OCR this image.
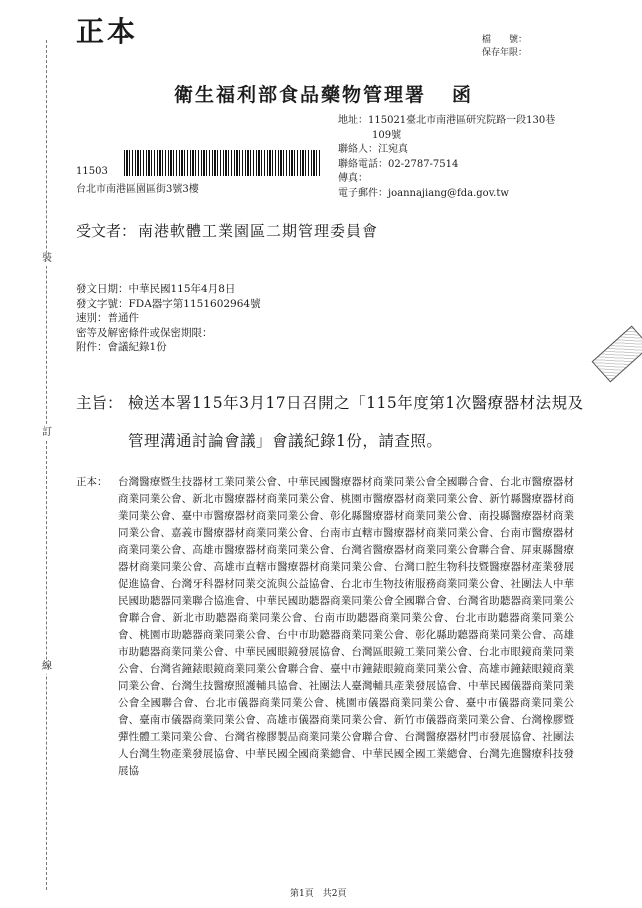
裝
訂
線
正本	檔　　號：
保存年限：
衛生福利部食品藥物管理署 函
地址：115021臺北市南港區研究院路一段130巷
109號
聯絡人：江宛真
聯絡電話：02-2787-7514
傳真：
電子郵件：joannajiang@fda.gov.tw
11503
台北市南港區園區街3號3樓
受文者： 南港軟體工業園區二期管理委員會
發文日期：中華民國115年4月8日
發文字號：FDA器字第1151602964號
速別：普通件
密等及解密條件或保密期限：
附件：會議紀錄1份
主旨： 檢送本署115年3月17日召開之「115年度第1次醫療器材法規及管理溝通討論會議」會議紀錄1份，請查照。
正本： 台灣醫療暨生技器材工業同業公會、中華民國醫療器材商業同業公會全國聯合會、台北市醫療器材商業同業公會、新北市醫療器材商業同業公會、桃園市醫療器材商業同業公會、新竹縣醫療器材商業同業公會、臺中市醫療器材商業同業公會、彰化縣醫療器材商業同業公會、南投縣醫療器材商業同業公會、嘉義市醫療器材商業同業公會、台南市直轄市醫療器材商業同業公會、台南市醫療器材商業同業公會、高雄市醫療器材商業同業公會、台灣省醫療器材商業同業公會聯合會、屏東縣醫療器材商業同業公會、高雄市直轄市醫療器材商業同業公會、台灣口腔生物科技暨醫療器材產業發展促進協會、台灣牙科器材同業交流與公益協會、台北市生物技術服務商業同業公會、社團法人中華民國助聽器同業聯合協進會、中華民國助聽器商業同業公會全國聯合會、台灣省助聽器商業同業公會聯合會、新北市助聽器商業同業公會、台南市助聽器商業同業公會、台北市助聽器商業同業公會、桃園市助聽器商業同業公會、台中市助聽器商業同業公會、彰化縣助聽器商業同業公會、高雄市助聽器商業同業公會、中華民國眼鏡發展協會、台灣區眼鏡工業同業公會、台北市眼鏡商業同業公會、台灣省鐘錶眼鏡商業同業公會聯合會、臺中市鐘錶眼鏡商業同業公會、高雄市鐘錶眼鏡商業同業公會、台灣生技醫療照護輔具協會、社團法人臺灣輔具產業發展協會、中華民國儀器商業同業公會全國聯合會、台北市儀器商業同業公會、桃園市儀器商業同業公會、臺中市儀器商業同業公會、臺南市儀器商業同業公會、高雄市儀器商業同業公會、新竹市儀器商業同業公會、台灣橡膠暨彈性體工業同業公會、台灣省橡膠製品商業同業公會聯合會、台灣醫療器材門市發展協會、社團法人台灣生物產業發展協會、中華民國全國商業總會、中華民國全國工業總會、台灣先進醫療科技發展協
第1頁　共2頁
